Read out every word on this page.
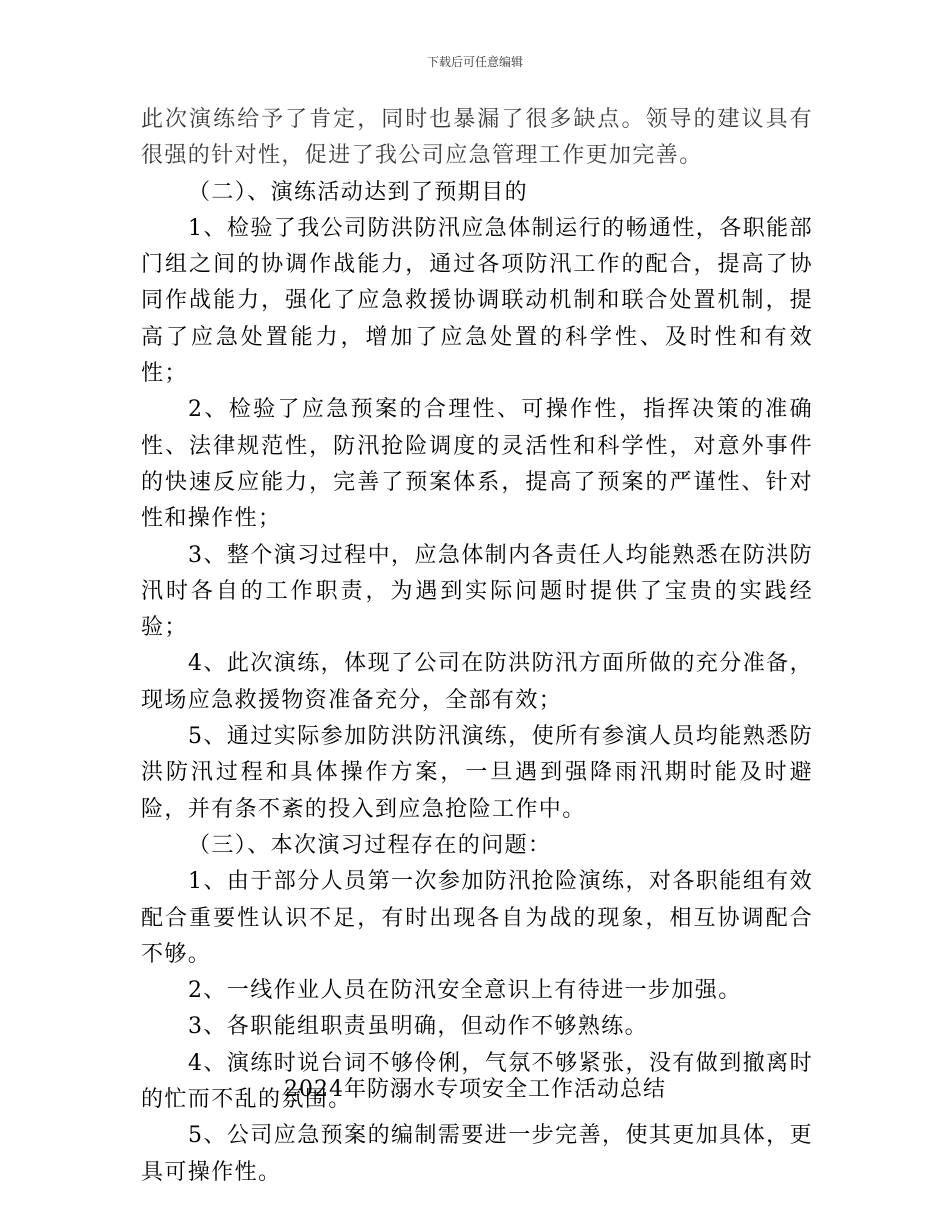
下载后可任意编辑

此次演练给予了肯定，同时也暴漏了很多缺点。领导的建议具有很强的针对性，促进了我公司应急管理工作更加完善。

（二）、演练活动达到了预期目的

1、检验了我公司防洪防汛应急体制运行的畅通性，各职能部门组之间的协调作战能力，通过各项防汛工作的配合，提高了协同作战能力，强化了应急救援协调联动机制和联合处置机制，提高了应急处置能力，增加了应急处置的科学性、及时性和有效性；

2、检验了应急预案的合理性、可操作性，指挥决策的准确性、法律规范性，防汛抢险调度的灵活性和科学性，对意外事件的快速反应能力，完善了预案体系，提高了预案的严谨性、针对性和操作性；

3、整个演习过程中，应急体制内各责任人均能熟悉在防洪防汛时各自的工作职责，为遇到实际问题时提供了宝贵的实践经验；

4、此次演练，体现了公司在防洪防汛方面所做的充分准备，现场应急救援物资准备充分，全部有效；

5、通过实际参加防洪防汛演练，使所有参演人员均能熟悉防洪防汛过程和具体操作方案，一旦遇到强降雨汛期时能及时避险，并有条不紊的投入到应急抢险工作中。

（三）、本次演习过程存在的问题：

1、由于部分人员第一次参加防汛抢险演练，对各职能组有效配合重要性认识不足，有时出现各自为战的现象，相互协调配合不够。

2、一线作业人员在防汛安全意识上有待进一步加强。

3、各职能组职责虽明确，但动作不够熟练。

4、演练时说台词不够伶俐，气氛不够紧张，没有做到撤离时的忙而不乱的氛围。

5、公司应急预案的编制需要进一步完善，使其更加具体，更具可操作性。

2024年防溺水专项安全工作活动总结
